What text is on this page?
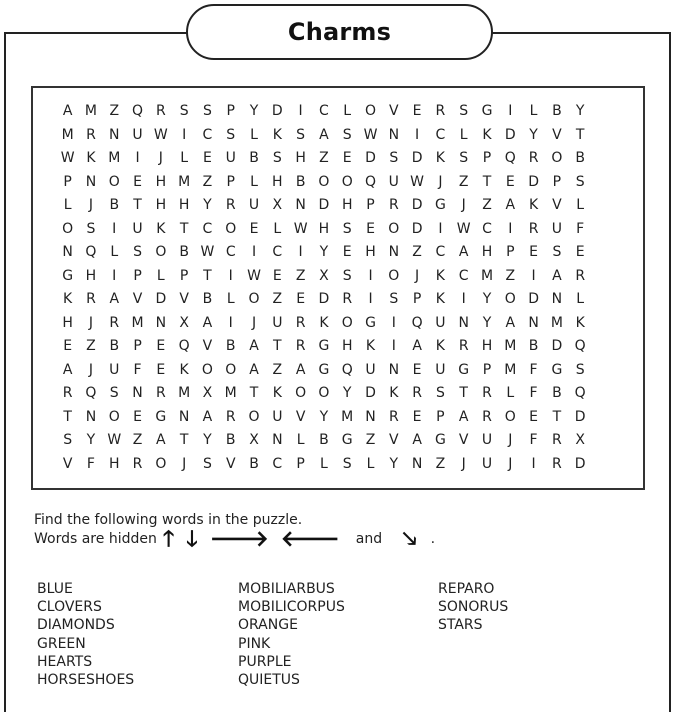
Charms
A M Z Q R S	S	P	Y D	I	C	L O V	E	R S G	I	L	B	Y
M R N U W	I	C S	L	K	S	A	S W N	I	C	L	K D Y	V	T
W K M	I	J	L	E U B	S H Z	E D S D K	S	P Q R O B
P N O E H M Z	P	L	H B O O Q U W	J	Z	T	E D P	S
L	J	B	T H H Y	R U X N D H P	R D G	J	Z A K V	L
O S	I	U K	T	C O E	L W H S	E O D	I	W C	I	R U	F
N Q L	S O B W C	I	C	I	Y	E H N Z C A H P	E	S	E
G H	I	P	L	P	T	I	W E	Z X	S	I	O	J	K C M Z	I	A R
K R A V D V B	L O Z	E D R	I	S	P	K	I	Y O D N	L
H	J	R M N X A	I	J	U R K O G	I	Q U N Y	A N M K
E	Z B	P	E Q V B A	T	R G H K	I	A K R H M B D Q
A	J	U	F	E	K O O A Z A G Q U N E U G P M F G S
R Q S N R M X M T	K O O Y D K R S	T	R	L	F	B Q
T N O E G N A R O U V	Y M N R	E	P	A R O E	T D
S	Y W Z A	T	Y	B X N	L	B G Z V A G V U	J	F	R X
V	F	H R O	J	S	V B C	P	L	S	L	Y N Z	J	U	J	I	R D
Find the following words in the puzzle.
Words are hidden 🡑 🡓 🡒 🡐 and 🡖 .
BLUE
CLOVERS
DIAMONDS
GREEN
HEARTS
HORSESHOES
MOBILIARBUS
MOBILICORPUS
ORANGE
PINK
PURPLE
QUIETUS
REPARO
SONORUS
STARS
